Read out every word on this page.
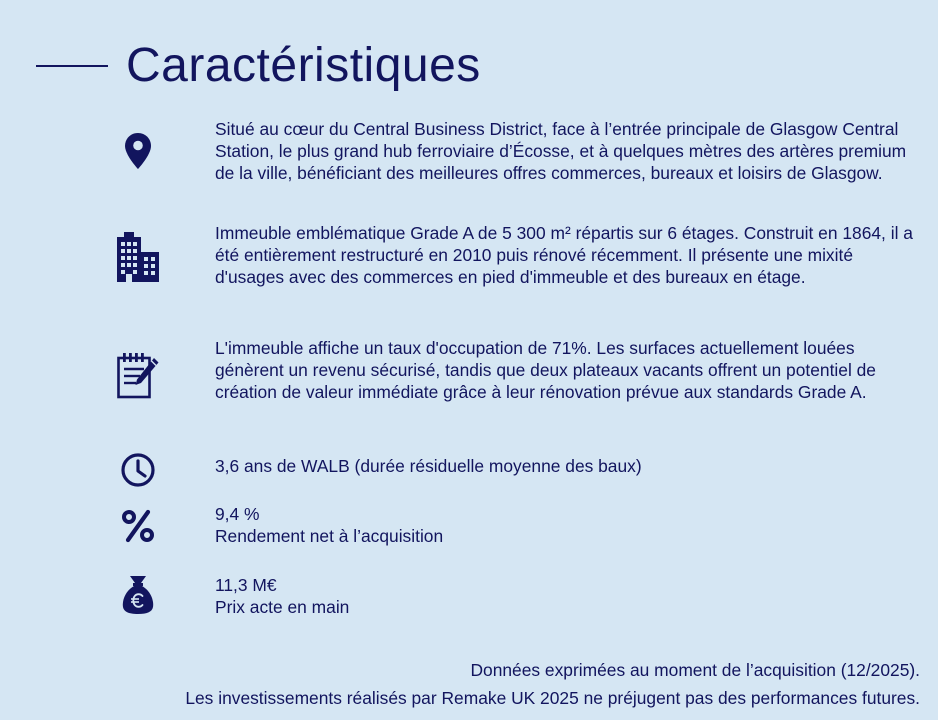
Caractéristiques

Situé au cœur du Central Business District, face à l’entrée principale de Glasgow Central Station, le plus grand hub ferroviaire d’Écosse, et à quelques mètres des artères premium de la ville, bénéficiant des meilleures offres commerces, bureaux et loisirs de Glasgow.

Immeuble emblématique Grade A de 5 300 m² répartis sur 6 étages. Construit en 1864, il a été entièrement restructuré en 2010 puis rénové récemment. Il présente une mixité d'usages avec des commerces en pied d'immeuble et des bureaux en étage.

L'immeuble affiche un taux d'occupation de 71%. Les surfaces actuellement louées génèrent un revenu sécurisé, tandis que deux plateaux vacants offrent un potentiel de création de valeur immédiate grâce à leur rénovation prévue aux standards Grade A.

3,6 ans de WALB (durée résiduelle moyenne des baux)

9,4 %

Rendement net à l’acquisition

11,3 M€

Prix acte en main

Données exprimées au moment de l’acquisition (12/2025).
Les investissements réalisés par Remake UK 2025 ne préjugent pas des performances futures.
